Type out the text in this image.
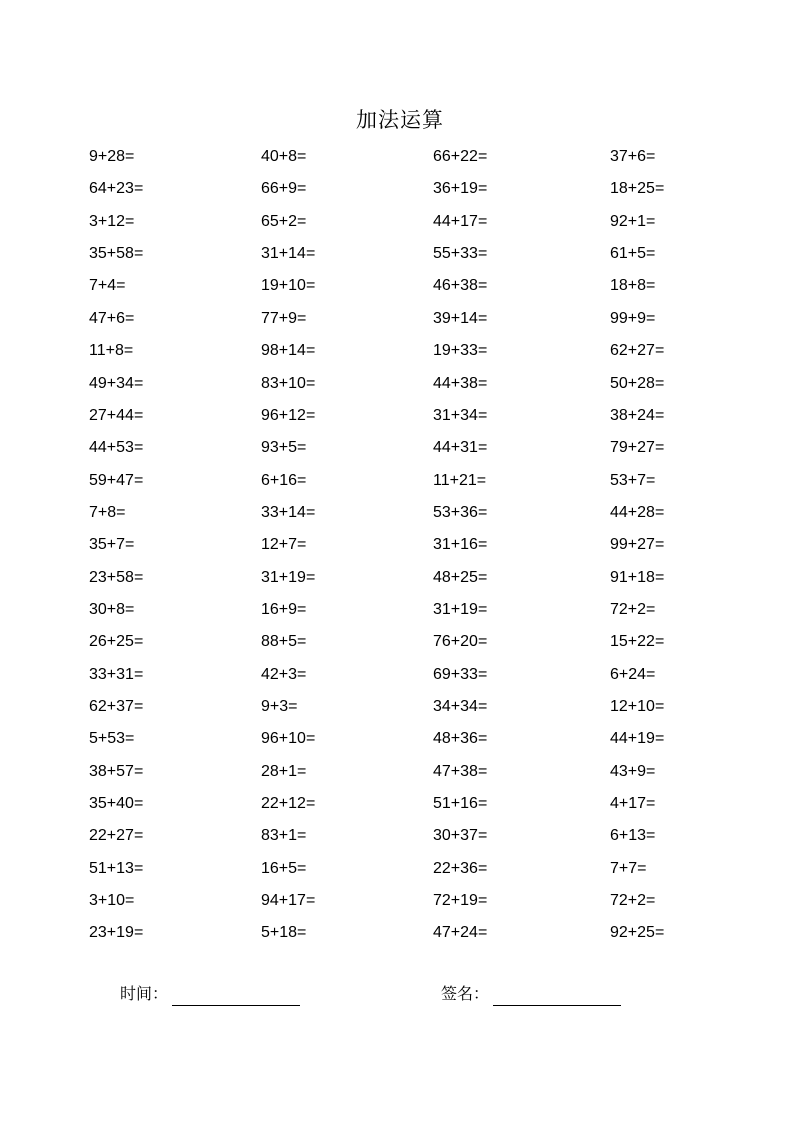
加法运算
9+28=
64+23=
3+12=
35+58=
7+4=
47+6=
11+8=
49+34=
27+44=
44+53=
59+47=
7+8=
35+7=
23+58=
30+8=
26+25=
33+31=
62+37=
5+53=
38+57=
35+40=
22+27=
51+13=
3+10=
23+19=
40+8=
66+9=
65+2=
31+14=
19+10=
77+9=
98+14=
83+10=
96+12=
93+5=
6+16=
33+14=
12+7=
31+19=
16+9=
88+5=
42+3=
9+3=
96+10=
28+1=
22+12=
83+1=
16+5=
94+17=
5+18=
66+22=
36+19=
44+17=
55+33=
46+38=
39+14=
19+33=
44+38=
31+34=
44+31=
11+21=
53+36=
31+16=
48+25=
31+19=
76+20=
69+33=
34+34=
48+36=
47+38=
51+16=
30+37=
22+36=
72+19=
47+24=
37+6=
18+25=
92+1=
61+5=
18+8=
99+9=
62+27=
50+28=
38+24=
79+27=
53+7=
44+28=
99+27=
91+18=
72+2=
15+22=
6+24=
12+10=
44+19=
43+9=
4+17=
6+13=
7+7=
72+2=
92+25=
时间：	签名：
